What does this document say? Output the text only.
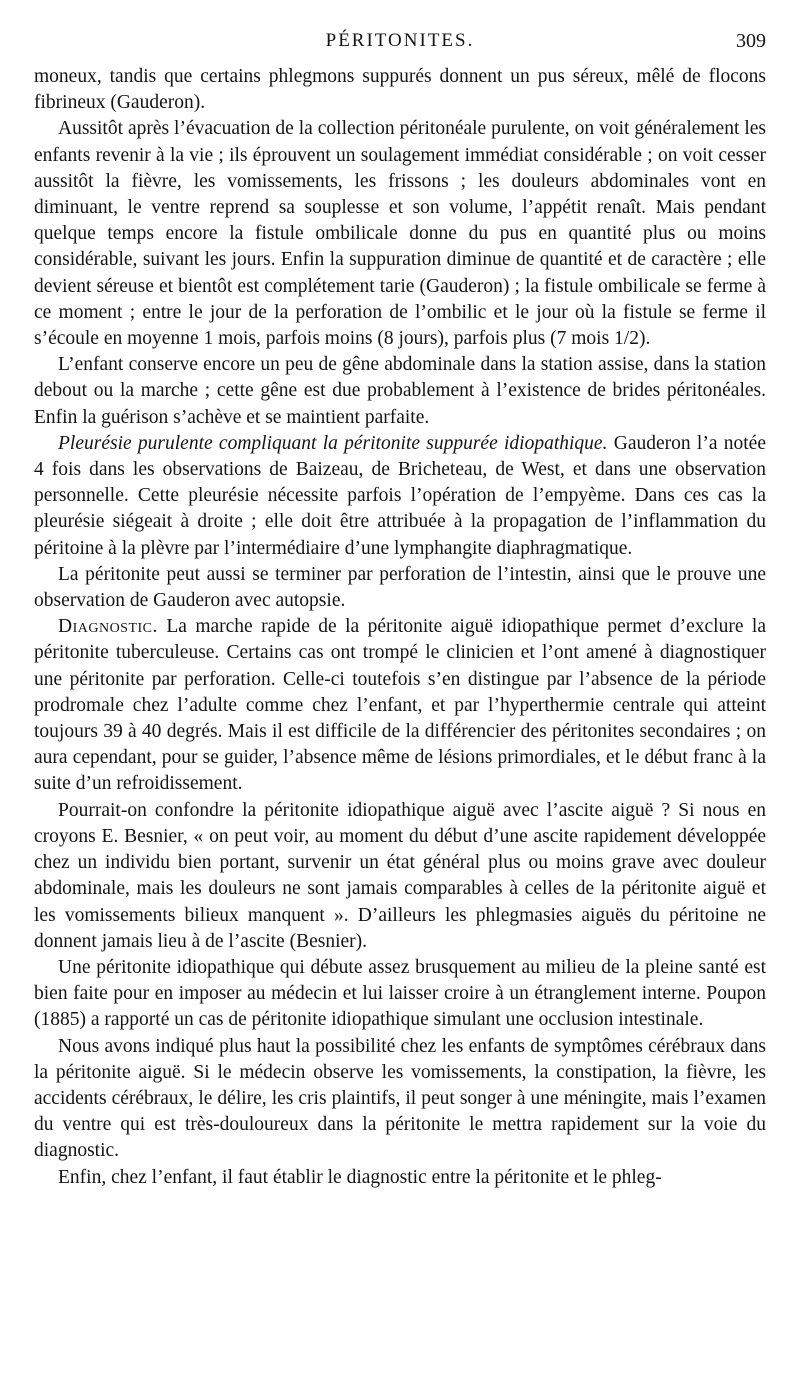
PÉRITONITES.	309

moneux, tandis que certains phlegmons suppurés donnent un pus séreux, mêlé de flocons fibrineux (Gauderon).

Aussitôt après l’évacuation de la collection péritonéale purulente, on voit généralement les enfants revenir à la vie ; ils éprouvent un soulagement immédiat considérable ; on voit cesser aussitôt la fièvre, les vomissements, les frissons ; les douleurs abdominales vont en diminuant, le ventre reprend sa souplesse et son volume, l’appétit renaît. Mais pendant quelque temps encore la fistule ombilicale donne du pus en quantité plus ou moins considérable, suivant les jours. Enfin la suppuration diminue de quantité et de caractère ; elle devient séreuse et bientôt est complétement tarie (Gauderon) ; la fistule ombilicale se ferme à ce moment ; entre le jour de la perforation de l’ombilic et le jour où la fistule se ferme il s’écoule en moyenne 1 mois, parfois moins (8 jours), parfois plus (7 mois 1/2).

L’enfant conserve encore un peu de gêne abdominale dans la station assise, dans la station debout ou la marche ; cette gêne est due probablement à l’existence de brides péritonéales. Enfin la guérison s’achève et se maintient parfaite.

Pleurésie purulente compliquant la péritonite suppurée idiopathique. Gauderon l’a notée 4 fois dans les observations de Baizeau, de Bricheteau, de West, et dans une observation personnelle. Cette pleurésie nécessite parfois l’opération de l’empyème. Dans ces cas la pleurésie siégeait à droite ; elle doit être attribuée à la propagation de l’inflammation du péritoine à la plèvre par l’intermédiaire d’une lymphangite diaphragmatique.

La péritonite peut aussi se terminer par perforation de l’intestin, ainsi que le prouve une observation de Gauderon avec autopsie.

Diagnostic. La marche rapide de la péritonite aiguë idiopathique permet d’exclure la péritonite tuberculeuse. Certains cas ont trompé le clinicien et l’ont amené à diagnostiquer une péritonite par perforation. Celle-ci toutefois s’en distingue par l’absence de la période prodromale chez l’adulte comme chez l’enfant, et par l’hyperthermie centrale qui atteint toujours 39 à 40 degrés. Mais il est difficile de la différencier des péritonites secondaires ; on aura cependant, pour se guider, l’absence même de lésions primordiales, et le début franc à la suite d’un refroidissement.

Pourrait-on confondre la péritonite idiopathique aiguë avec l’ascite aiguë ? Si nous en croyons E. Besnier, « on peut voir, au moment du début d’une ascite rapidement développée chez un individu bien portant, survenir un état général plus ou moins grave avec douleur abdominale, mais les douleurs ne sont jamais comparables à celles de la péritonite aiguë et les vomissements bilieux manquent ». D’ailleurs les phlegmasies aiguës du péritoine ne donnent jamais lieu à de l’ascite (Besnier).

Une péritonite idiopathique qui débute assez brusquement au milieu de la pleine santé est bien faite pour en imposer au médecin et lui laisser croire à un étranglement interne. Poupon (1885) a rapporté un cas de péritonite idiopathique simulant une occlusion intestinale.

Nous avons indiqué plus haut la possibilité chez les enfants de symptômes cérébraux dans la péritonite aiguë. Si le médecin observe les vomissements, la constipation, la fièvre, les accidents cérébraux, le délire, les cris plaintifs, il peut songer à une méningite, mais l’examen du ventre qui est très-douloureux dans la péritonite le mettra rapidement sur la voie du diagnostic.

Enfin, chez l’enfant, il faut établir le diagnostic entre la péritonite et le phleg-
